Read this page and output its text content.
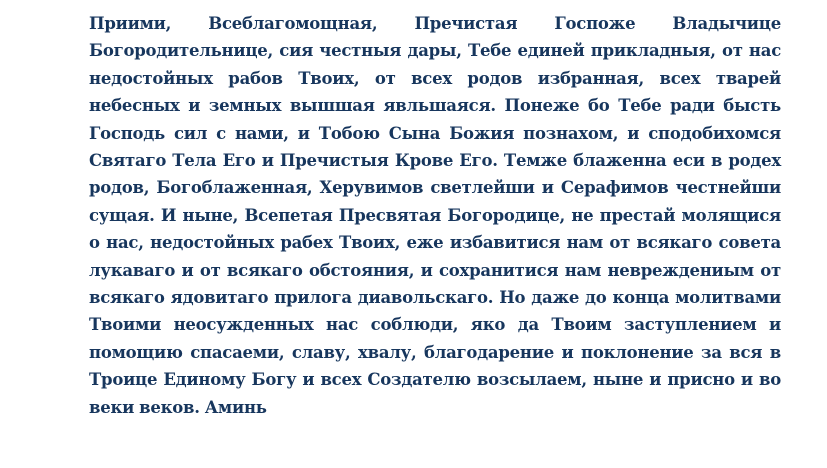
Приими, Всеблагомощная, Пречистая Госпоже Владычице Богородительнице, сия честныя дары, Тебе единей прикладныя, от нас недостойных рабов Твоих, от всех родов избранная, всех тварей небесных и земных вышшая явльшаяся. Понеже бо Тебе ради бысть Господь сил с нами, и Тобою Сына Божия познахом, и сподобихомся Святаго Тела Его и Пречистыя Крове Его. Темже блаженна еси в родех родов, Богоблаженная, Херувимов светлейши и Серафимов честнейши сущая. И ныне, Всепетая Пресвятая Богородице, не престай молящися о нас, недостойных рабех Твоих, еже избавитися нам от всякаго совета лукаваго и от всякаго обстояния, и сохранитися нам невреждениым от всякаго ядовитаго прилога диавольскаго. Но даже до конца молитвами Твоими неосужденных нас соблюди, яко да Твоим заступлением и помощию спасаеми, славу, хвалу, благодарение и поклонение за вся в Троице Единому Богу и всех Создателю возсылаем, ныне и присно и во веки веков. Аминь
